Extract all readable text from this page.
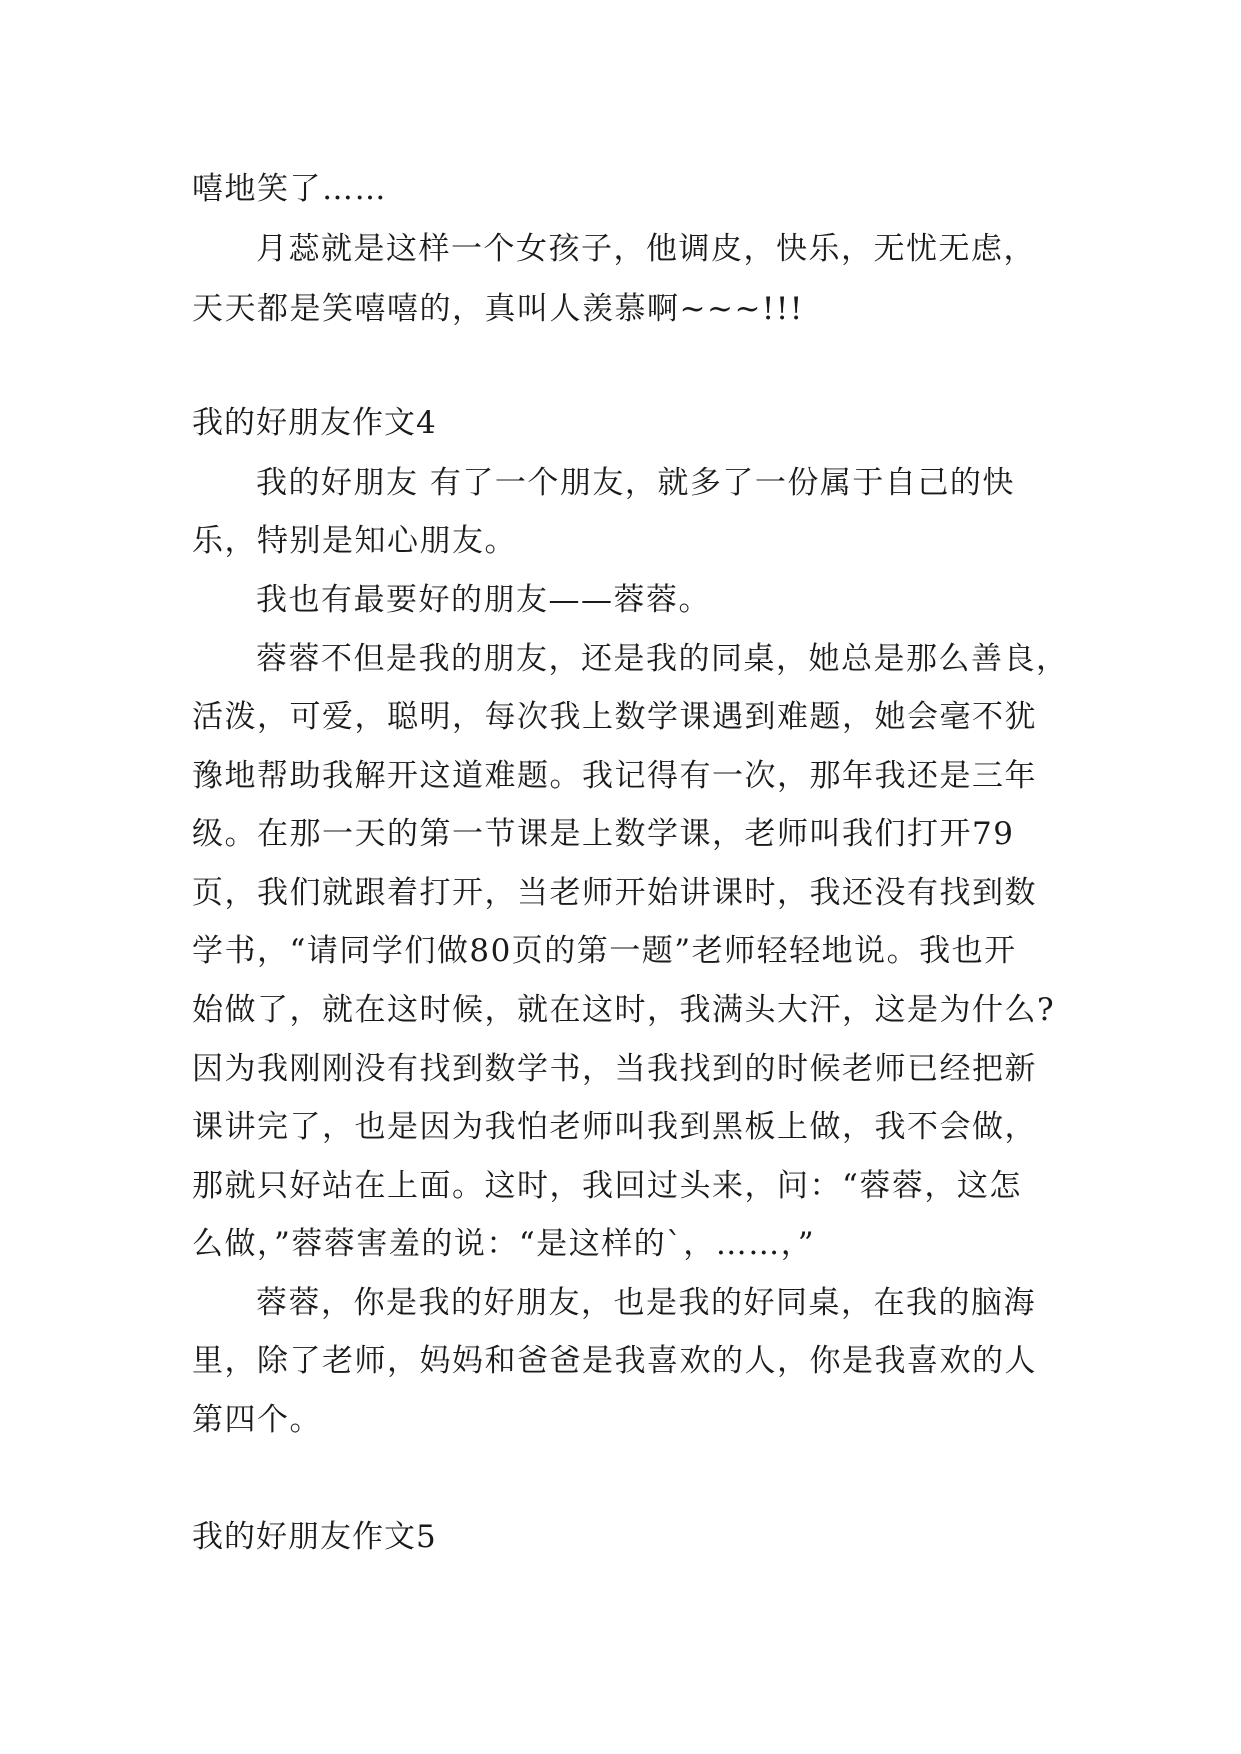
嘻地笑了……
月蕊就是这样一个女孩子，他调皮，快乐，无忧无虑，
天天都是笑嘻嘻的，真叫人羡慕啊~~~!!!
我的好朋友作文4
我的好朋友 有了一个朋友，就多了一份属于自己的快
乐，特别是知心朋友。
我也有最要好的朋友——蓉蓉。
蓉蓉不但是我的朋友，还是我的同桌，她总是那么善良，
活泼，可爱，聪明，每次我上数学课遇到难题，她会毫不犹
豫地帮助我解开这道难题。我记得有一次，那年我还是三年
级。在那一天的第一节课是上数学课，老师叫我们打开79
页，我们就跟着打开，当老师开始讲课时，我还没有找到数
学书，“请同学们做80页的第一题”老师轻轻地说。我也开
始做了，就在这时候，就在这时，我满头大汗，这是为什么?
因为我刚刚没有找到数学书，当我找到的时候老师已经把新
课讲完了，也是因为我怕老师叫我到黑板上做，我不会做，
那就只好站在上面。这时，我回过头来，问：“蓉蓉，这怎
么做，”蓉蓉害羞的说：“是这样的`，……，”
蓉蓉，你是我的好朋友，也是我的好同桌，在我的脑海
里，除了老师，妈妈和爸爸是我喜欢的人，你是我喜欢的人
第四个。
我的好朋友作文5
